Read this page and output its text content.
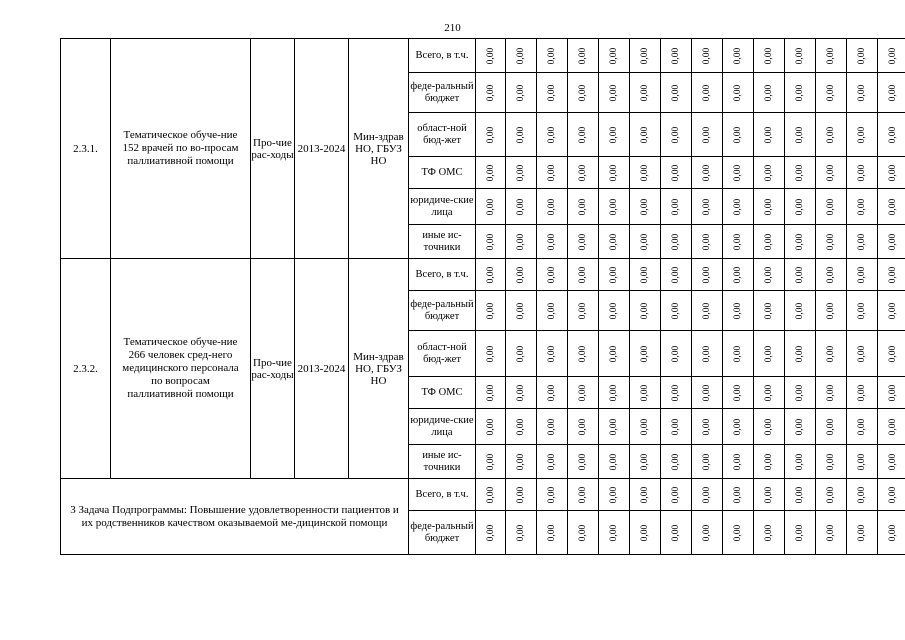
210
2.3.1.	Тематическое обуче-ние 152 врачей по во-просам паллиативной помощи	Про-чие рас-ходы	2013-2024	Мин-здрав НО, ГБУЗ НО	Всего, в т.ч.	0,00	0,00	0,00	0,00	0,00	0,00	0,00	0,00	0,00	0,00	0,00	0,00	0,00	0,00

					феде-ральный бюджет	0,00	0,00	0,00	0,00	0,00	0,00	0,00	0,00	0,00	0,00	0,00	0,00	0,00	0,00

					област-ной бюд-жет	0,00	0,00	0,00	0,00	0,00	0,00	0,00	0,00	0,00	0,00	0,00	0,00	0,00	0,00

					ТФ ОМС	0,00	0,00	0,00	0,00	0,00	0,00	0,00	0,00	0,00	0,00	0,00	0,00	0,00	0,00

					юридиче-ские лица	0,00	0,00	0,00	0,00	0,00	0,00	0,00	0,00	0,00	0,00	0,00	0,00	0,00	0,00

					иные ис-точники	0,00	0,00	0,00	0,00	0,00	0,00	0,00	0,00	0,00	0,00	0,00	0,00	0,00	0,00

2.3.2.	Тематическое обуче-ние 266 человек сред-него медицинского персонала по вопросам паллиативной помощи	Про-чие рас-ходы	2013-2024	Мин-здрав НО, ГБУЗ НО	Всего, в т.ч.	0,00	0,00	0,00	0,00	0,00	0,00	0,00	0,00	0,00	0,00	0,00	0,00	0,00	0,00

					феде-ральный бюджет	0,00	0,00	0,00	0,00	0,00	0,00	0,00	0,00	0,00	0,00	0,00	0,00	0,00	0,00

					област-ной бюд-жет	0,00	0,00	0,00	0,00	0,00	0,00	0,00	0,00	0,00	0,00	0,00	0,00	0,00	0,00

					ТФ ОМС	0,00	0,00	0,00	0,00	0,00	0,00	0,00	0,00	0,00	0,00	0,00	0,00	0,00	0,00

					юридиче-ские лица	0,00	0,00	0,00	0,00	0,00	0,00	0,00	0,00	0,00	0,00	0,00	0,00	0,00	0,00

					иные ис-точники	0,00	0,00	0,00	0,00	0,00	0,00	0,00	0,00	0,00	0,00	0,00	0,00	0,00	0,00

3 Задача Подпрограммы: Повышение удовлетворенности пациентов и их родственников качеством оказываемой ме-дицинской помощи					Всего, в т.ч.	0,00	0,00	0,00	0,00	0,00	0,00	0,00	0,00	0,00	0,00	0,00	0,00	0,00	0,00

					феде-ральный бюджет	0,00	0,00	0,00	0,00	0,00	0,00	0,00	0,00	0,00	0,00	0,00	0,00	0,00	0,00
